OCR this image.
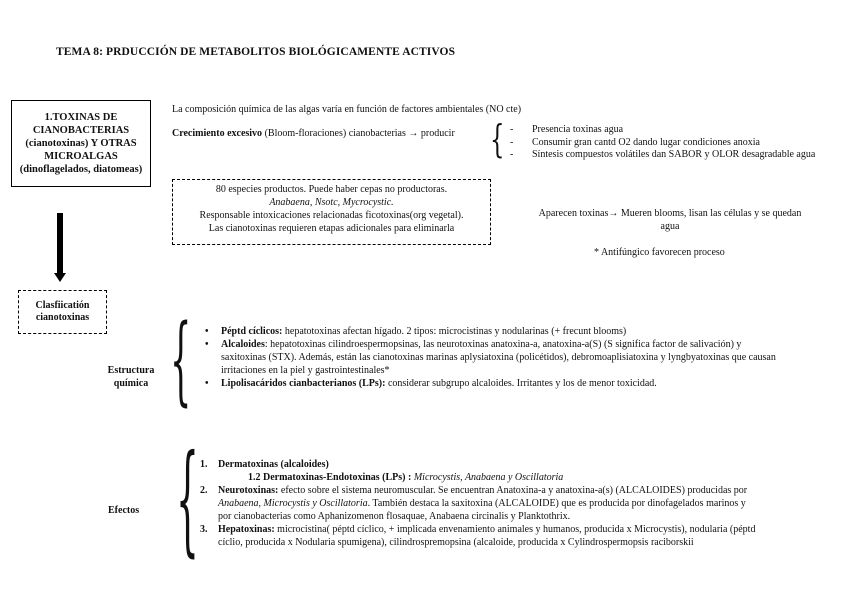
TEMA 8: PRDUCCIÓN DE METABOLITOS BIOLÓGICAMENTE ACTIVOS
1.TOXINAS DE
CIANOBACTERIAS
(cianotoxinas) Y OTRAS
MICROALGAS
(dinoflagelados, diatomeas)
Clasfiicatión
cianotoxinas
La composición química de las algas varía en función de factores ambientales (NO cte)
Crecimiento excesivo (Bloom-floraciones) cianobacterias → producir { - Presencia toxinas agua
- Consumir gran cantd O2 dando lugar condiciones anoxia
- Síntesis compuestos volátiles dan SABOR y OLOR desagradable agua
80 especies productos. Puede haber cepas no productoras.
Anabaena, Nsotc, Mycrocystic.
Responsable intoxicaciones relacionadas ficotoxinas(org vegetal).
Las cianotoxinas requieren etapas adicionales para eliminarla
Aparecen toxinas→ Mueren blooms, lisan las células y se quedan
agua
* Antifúngico favorecen proceso
Estructura
química { • Péptd cíclicos: hepatotoxinas afectan hígado. 2 tipos: microcistinas y nodularinas (+ frecunt blooms)
• Alcaloides: hepatotoxinas cilindroespermopsinas, las neurotoxinas anatoxina-a, anatoxina-a(S) (S significa factor de salivación) y
saxitoxinas (STX). Además, están las cianotoxinas marinas aplysiatoxina (policétidos), debromoaplisiatoxina y lyngbyatoxinas que causan
irritaciones en la piel y gastrointestinales*
• Lipolisacáridos cianbacterianos (LPs): considerar subgrupo alcaloides. Irritantes y los de menor toxicidad.
Efectos { 1. Dermatoxinas (alcaloides)
1.2 Dermatoxinas-Endotoxinas (LPs) : Microcystis, Anabaena y Oscillatoria
2. Neurotoxinas: efecto sobre el sistema neuromuscular. Se encuentran Anatoxina-a y anatoxina-a(s) (ALCALOIDES) producidas por
Anabaena, Microcystis y Oscillatoria. También destaca la saxitoxina (ALCALOIDE) que es producida por dinofagelados marinos y
por cianobacterias como Aphanizomenon flosaquae, Anabaena circinalis y Planktothrix.
3. Hepatoxinas: microcistina( péptd cíclico, + implicada envenamiento animales y humanos, producida x Microcystis), nodularia (péptd
cíclio, producida x Nodularia spumigena), cilindrospremopsina (alcaloide, producida x Cylindrospermopsis raciborskii
